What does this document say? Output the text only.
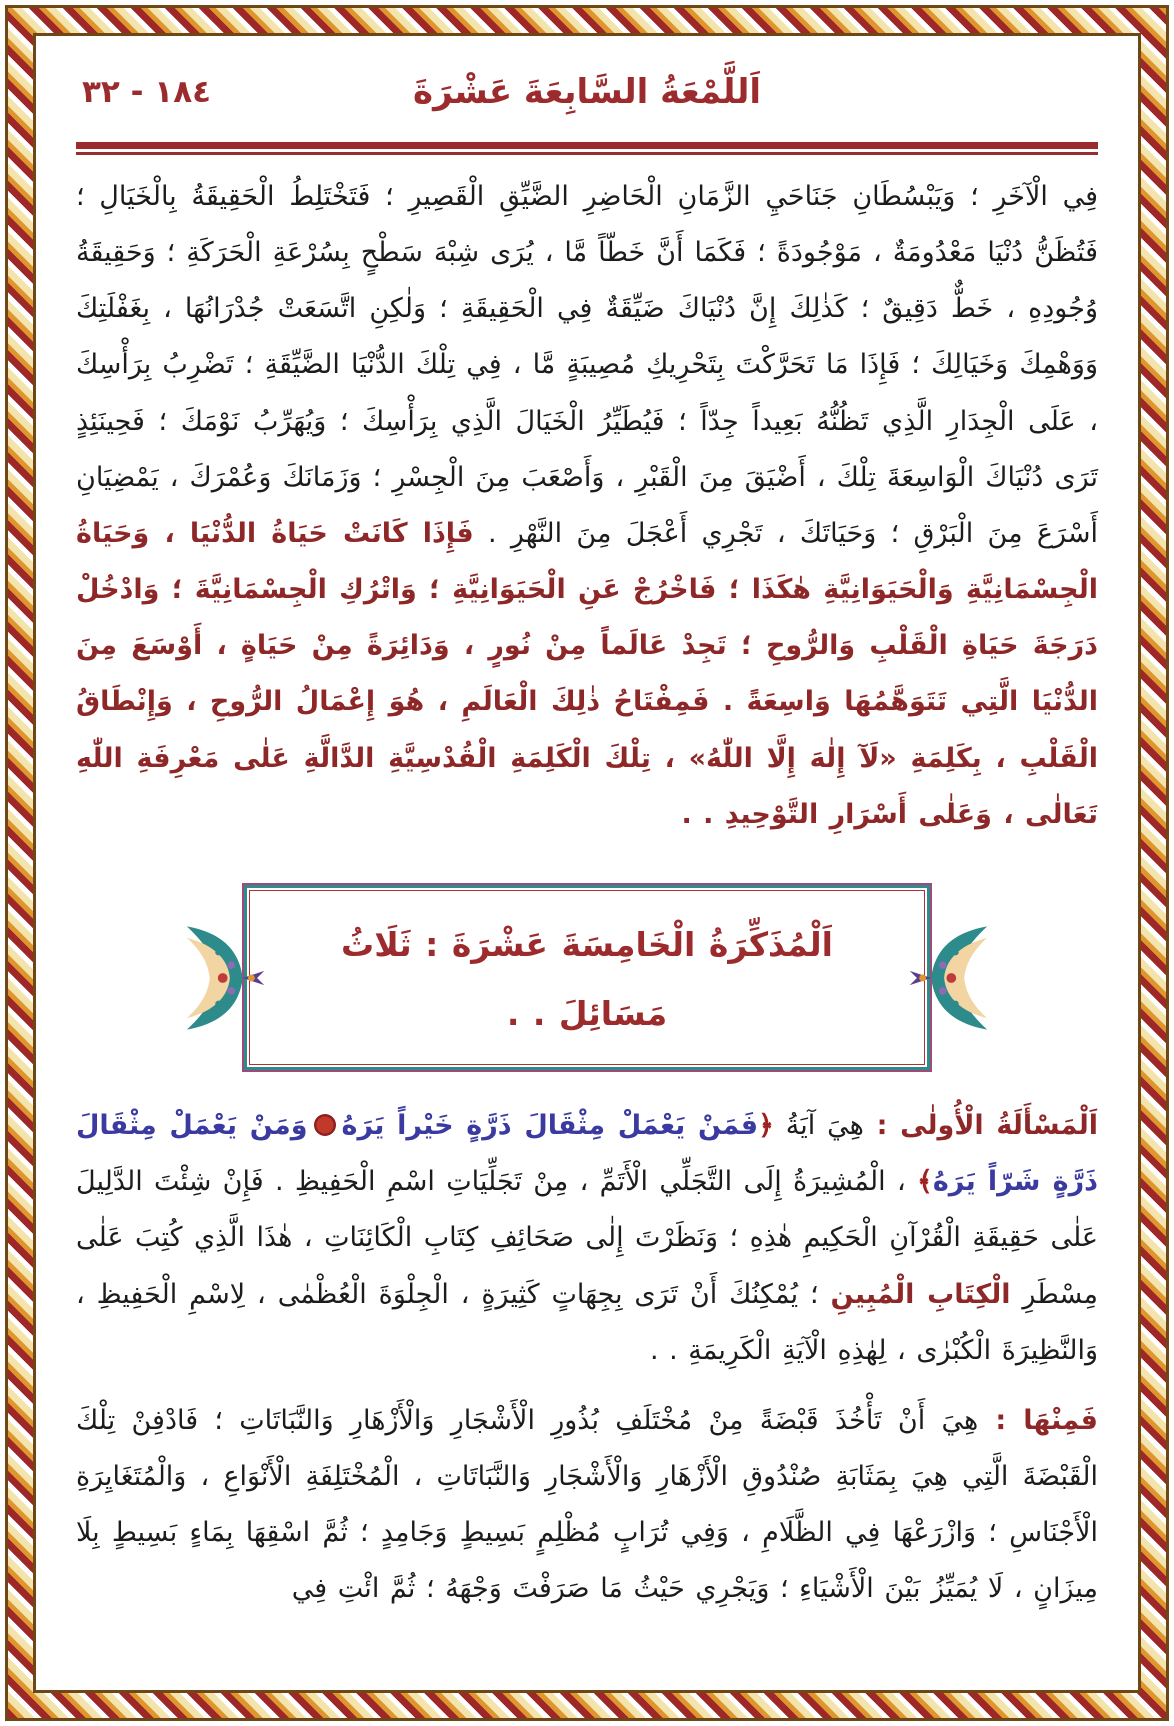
اَللَّمْعَةُ السَّابِعَةَ عَشْرَةَ
١٨٤ - ٣٢

فِي الْآخَرِ ؛ وَيَبْسُطَانِ جَنَاحَيِ الزَّمَانِ الْحَاضِرِ الضَّيِّقِ الْقَصِيرِ ؛ فَتَخْتَلِطُ الْحَقِيقَةُ بِالْخَيَالِ ؛ فَتُظَنُّ دُنْيَا مَعْدُومَةٌ ، مَوْجُودَةً ؛ فَكَمَا أَنَّ خَطّاً مَّا ، يُرَى شِبْهَ سَطْحٍ بِسُرْعَةِ الْحَرَكَةِ ؛ وَحَقِيقَةُ وُجُودِهِ ، خَطٌّ دَقِيقٌ ؛ كَذٰلِكَ إِنَّ دُنْيَاكَ ضَيِّقَةٌ فِي الْحَقِيقَةِ ؛ وَلٰكِنِ اتَّسَعَتْ جُدْرَانُهَا ، بِغَفْلَتِكَ وَوَهْمِكَ وَخَيَالِكَ ؛ فَإِذَا مَا تَحَرَّكْتَ بِتَحْرِيكِ مُصِيبَةٍ مَّا ، فِي تِلْكَ الدُّنْيَا الضَّيِّقَةِ ؛ تَضْرِبُ بِرَأْسِكَ ، عَلَى الْجِدَارِ الَّذِي تَظُنُّهُ بَعِيداً جِدّاً ؛ فَيُطَيِّرُ الْخَيَالَ الَّذِي بِرَأْسِكَ ؛ وَيُهَرِّبُ نَوْمَكَ ؛ فَحِينَئِذٍ تَرَى دُنْيَاكَ الْوَاسِعَةَ تِلْكَ ، أَضْيَقَ مِنَ الْقَبْرِ ، وَأَصْعَبَ مِنَ الْجِسْرِ ؛ وَزَمَانَكَ وَعُمْرَكَ ، يَمْضِيَانِ أَسْرَعَ مِنَ الْبَرْقِ ؛ وَحَيَاتَكَ ، تَجْرِي أَعْجَلَ مِنَ النَّهْرِ . فَإِذَا كَانَتْ حَيَاةُ الدُّنْيَا ، وَحَيَاةُ الْجِسْمَانِيَّةِ وَالْحَيَوَانِيَّةِ هٰكَذَا ؛ فَاخْرُجْ عَنِ الْحَيَوَانِيَّةِ ؛ وَاتْرُكِ الْجِسْمَانِيَّةَ ؛ وَادْخُلْ دَرَجَةَ حَيَاةِ الْقَلْبِ وَالرُّوحِ ؛ تَجِدْ عَالَماً مِنْ نُورٍ ، وَدَائِرَةً مِنْ حَيَاةٍ ، أَوْسَعَ مِنَ الدُّنْيَا الَّتِي تَتَوَهَّمُهَا وَاسِعَةً . فَمِفْتَاحُ ذٰلِكَ الْعَالَمِ ، هُوَ إِعْمَالُ الرُّوحِ ، وَإِنْطَاقُ الْقَلْبِ ، بِكَلِمَةِ «لَآ إِلٰهَ إِلَّا اللّٰهُ» ، تِلْكَ الْكَلِمَةِ الْقُدْسِيَّةِ الدَّالَّةِ عَلٰى مَعْرِفَةِ اللّٰهِ تَعَالٰى ، وَعَلٰى أَسْرَارِ التَّوْحِيدِ . .

اَلْمُذَكِّرَةُ الْخَامِسَةَ عَشْرَةَ : ثَلَاثُ مَسَائِلَ . .

اَلْمَسْأَلَةُ الْأُولٰى : هِيَ آيَةُ ﴿فَمَنْ يَعْمَلْ مِثْقَالَ ذَرَّةٍ خَيْراً يَرَهُوَمَنْ يَعْمَلْ مِثْقَالَ ذَرَّةٍ شَرّاً يَرَهُ﴾ ، الْمُشِيرَةُ إِلَى التَّجَلِّي الْأَتَمِّ ، مِنْ تَجَلِّيَاتِ اسْمِ الْحَفِيظِ . فَإِنْ شِئْتَ الدَّلِيلَ عَلٰى حَقِيقَةِ الْقُرْآنِ الْحَكِيمِ هٰذِهِ ؛ وَنَظَرْتَ إِلٰى صَحَائِفِ كِتَابِ الْكَائِنَاتِ ، هٰذَا الَّذِي كُتِبَ عَلٰى مِسْطَرِ الْكِتَابِ الْمُبِينِ ؛ يُمْكِنُكَ أَنْ تَرَى بِجِهَاتٍ كَثِيرَةٍ ، الْجِلْوَةَ الْعُظْمٰى ، لِاسْمِ الْحَفِيظِ ، وَالنَّظِيرَةَ الْكُبْرٰى ، لِهٰذِهِ الْآيَةِ الْكَرِيمَةِ . .

فَمِنْهَا : هِيَ أَنْ تَأْخُذَ قَبْضَةً مِنْ مُخْتَلَفِ بُذُورِ الْأَشْجَارِ وَالْأَزْهَارِ وَالنَّبَاتَاتِ ؛ فَادْفِنْ تِلْكَ الْقَبْضَةَ الَّتِي هِيَ بِمَثَابَةِ صُنْدُوقِ الْأَزْهَارِ وَالْأَشْجَارِ وَالنَّبَاتَاتِ ، الْمُخْتَلِفَةِ الْأَنْوَاعِ ، وَالْمُتَغَايِرَةِ الْأَجْنَاسِ ؛ وَازْرَعْهَا فِي الظَّلَامِ ، وَفِي تُرَابٍ مُظْلِمٍ بَسِيطٍ وَجَامِدٍ ؛ ثُمَّ اسْقِهَا بِمَاءٍ بَسِيطٍ بِلَا مِيزَانٍ ، لَا يُمَيِّزُ بَيْنَ الْأَشْيَاءِ ؛ وَيَجْرِي حَيْثُ مَا صَرَفْتَ وَجْهَهُ ؛ ثُمَّ ائْتِ فِي
